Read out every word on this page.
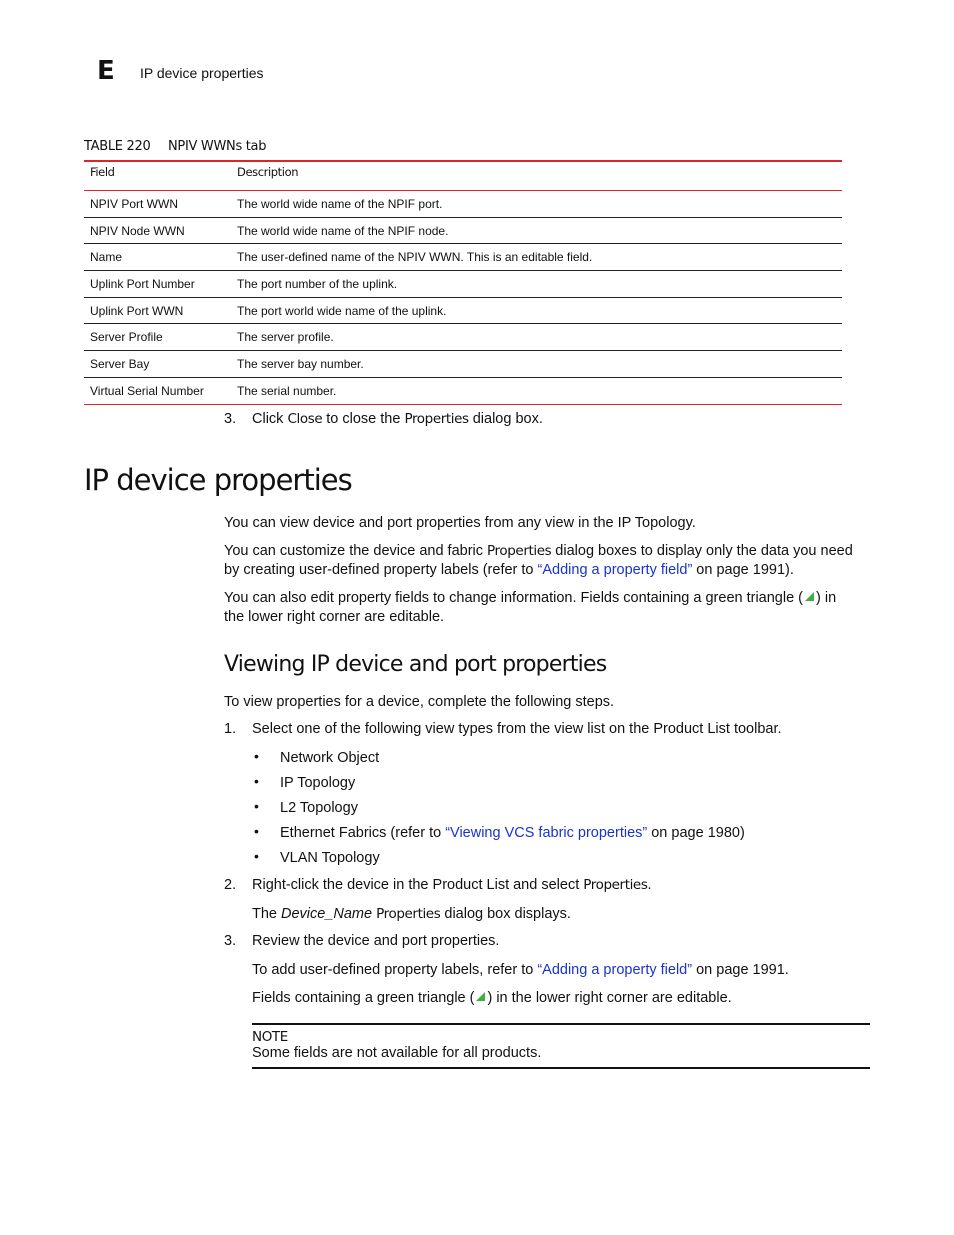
E IP device properties
TABLE 220 NPIV WWNs tab
Field	Description
NPIV Port WWN	The world wide name of the NPIF port.
NPIV Node WWN	The world wide name of the NPIF node.
Name	The user-defined name of the NPIV WWN. This is an editable field.
Uplink Port Number	The port number of the uplink.
Uplink Port WWN	The port world wide name of the uplink.
Server Profile	The server profile.
Server Bay	The server bay number.
Virtual Serial Number	The serial number.
3. Click Close to close the Properties dialog box.
IP device properties
You can view device and port properties from any view in the IP Topology.
You can customize the device and fabric Properties dialog boxes to display only the data you need
by creating user-defined property labels (refer to “Adding a property field” on page 1991).
You can also edit property fields to change information. Fields containing a green triangle ( ) in
the lower right corner are editable.
Viewing IP device and port properties
To view properties for a device, complete the following steps.
1. Select one of the following view types from the view list on the Product List toolbar.
• Network Object
• IP Topology
• L2 Topology
• Ethernet Fabrics (refer to “Viewing VCS fabric properties” on page 1980)
• VLAN Topology
2. Right-click the device in the Product List and select Properties.
The Device_Name Properties dialog box displays.
3. Review the device and port properties.
To add user-defined property labels, refer to “Adding a property field” on page 1991.
Fields containing a green triangle ( ) in the lower right corner are editable.
NOTE
Some fields are not available for all products.
